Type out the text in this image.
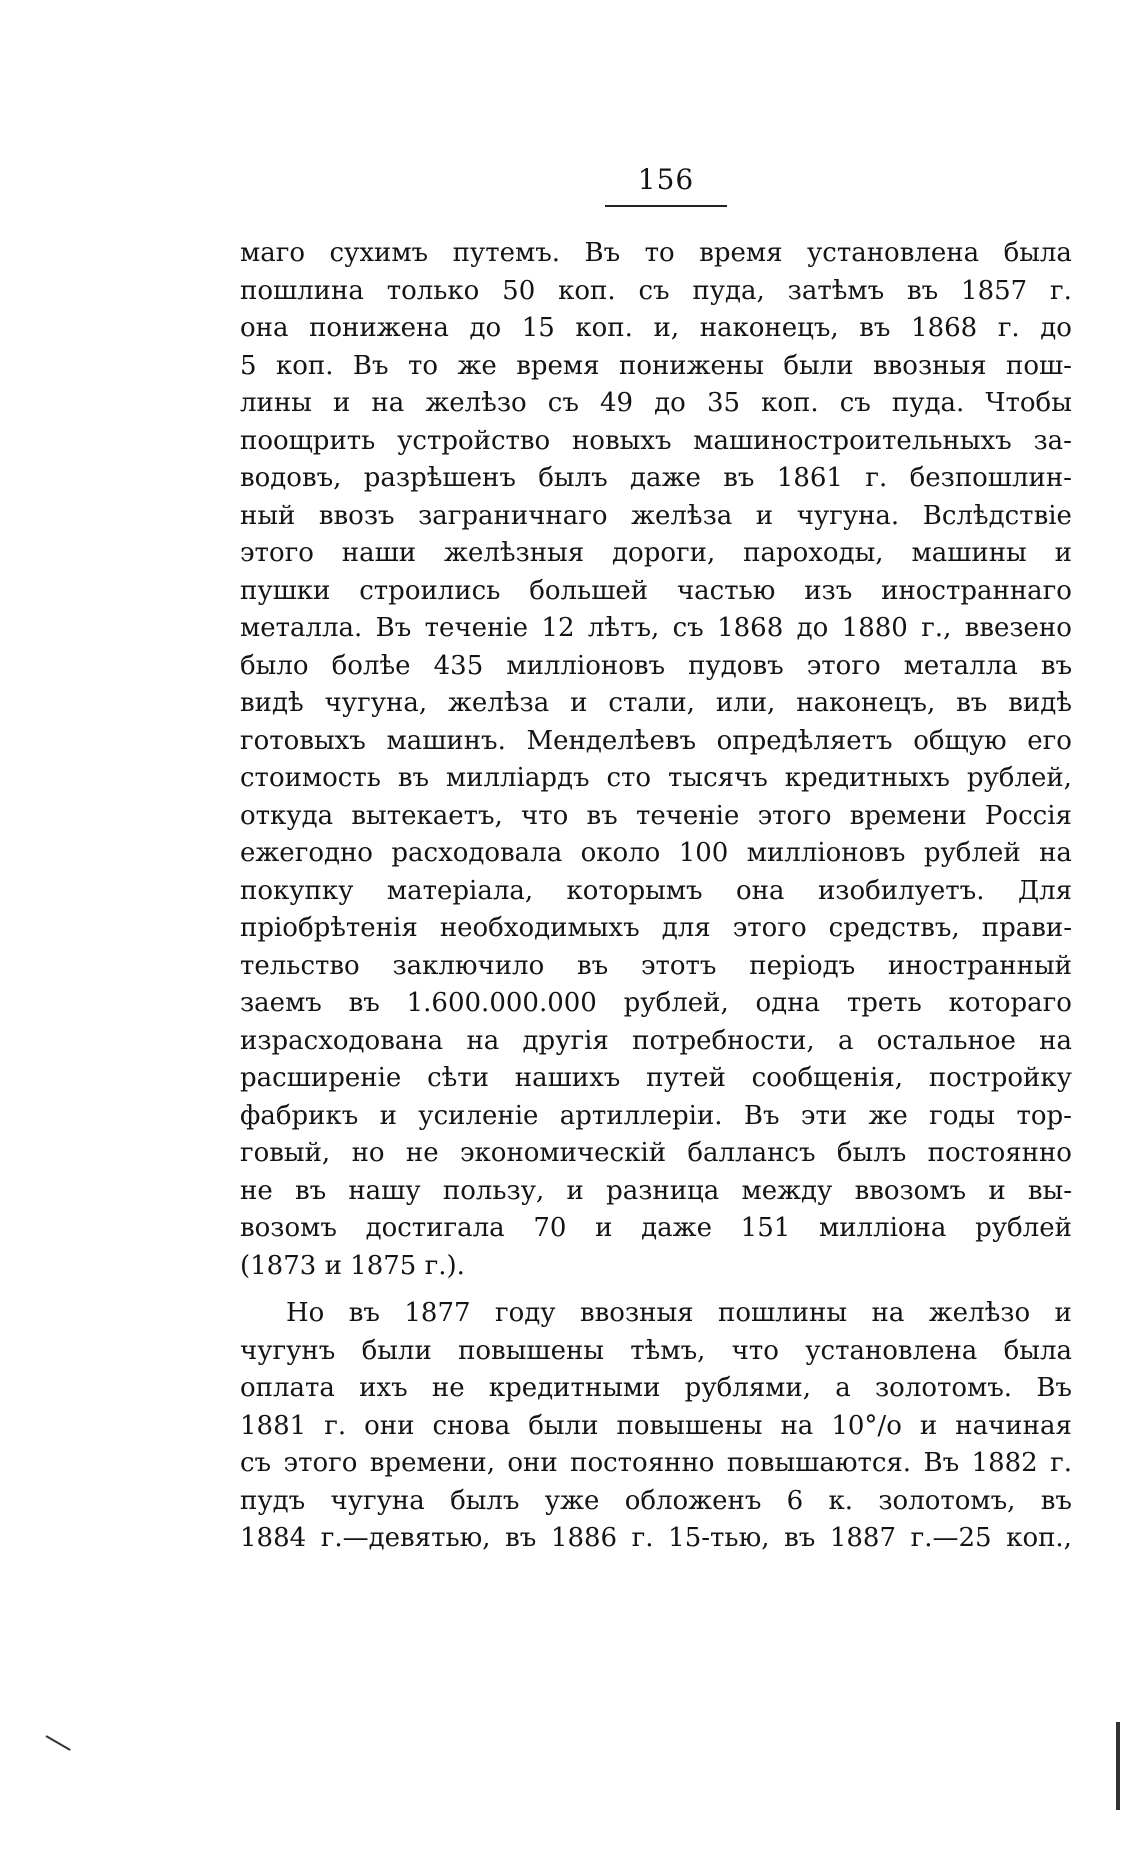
156
маго сухимъ путемъ. Въ то время установлена была
пошлина только 50 коп. съ пуда, затѣмъ въ 1857 г.
она понижена до 15 коп. и, наконецъ, въ 1868 г. до
5 коп. Въ то же время понижены были ввозныя пош-
лины и на желѣзо съ 49 до 35 коп. съ пуда. Чтобы
поощрить устройство новыхъ машиностроительныхъ за-
водовъ, разрѣшенъ былъ даже въ 1861 г. безпошлин-
ный ввозъ заграничнаго желѣза и чугуна. Вслѣдствіе
этого наши желѣзныя дороги, пароходы, машины и
пушки строились большей частью изъ иностраннаго
металла. Въ теченіе 12 лѣтъ, съ 1868 до 1880 г., ввезено
было болѣе 435 милліоновъ пудовъ этого металла въ
видѣ чугуна, желѣза и стали, или, наконецъ, въ видѣ
готовыхъ машинъ. Менделѣевъ опредѣляетъ общую его
стоимость въ милліардъ сто тысячъ кредитныхъ рублей,
откуда вытекаетъ, что въ теченіе этого времени Россія
ежегодно расходовала около 100 милліоновъ рублей на
покупку матеріала, которымъ она изобилуетъ. Для
пріобрѣтенія необходимыхъ для этого средствъ, прави-
тельство заключило въ этотъ періодъ иностранный
заемъ въ 1.600.000.000 рублей, одна треть котораго
израсходована на другія потребности, а остальное на
расширеніе сѣти нашихъ путей сообщенія, постройку
фабрикъ и усиленіе артиллеріи. Въ эти же годы тор-
говый, но не экономическій баллансъ былъ постоянно
не въ нашу пользу, и разница между ввозомъ и вы-
возомъ достигала 70 и даже 151 милліона рублей
(1873 и 1875 г.).
Но въ 1877 году ввозныя пошлины на желѣзо и
чугунъ были повышены тѣмъ, что установлена была
оплата ихъ не кредитными рублями, а золотомъ. Въ
1881 г. они снова были повышены на 10°/о и начиная
съ этого времени, они постоянно повышаются. Въ 1882 г.
пудъ чугуна былъ уже обложенъ 6 к. золотомъ, въ
1884 г.—девятью, въ 1886 г. 15-тью, въ 1887 г.—25 коп.,
